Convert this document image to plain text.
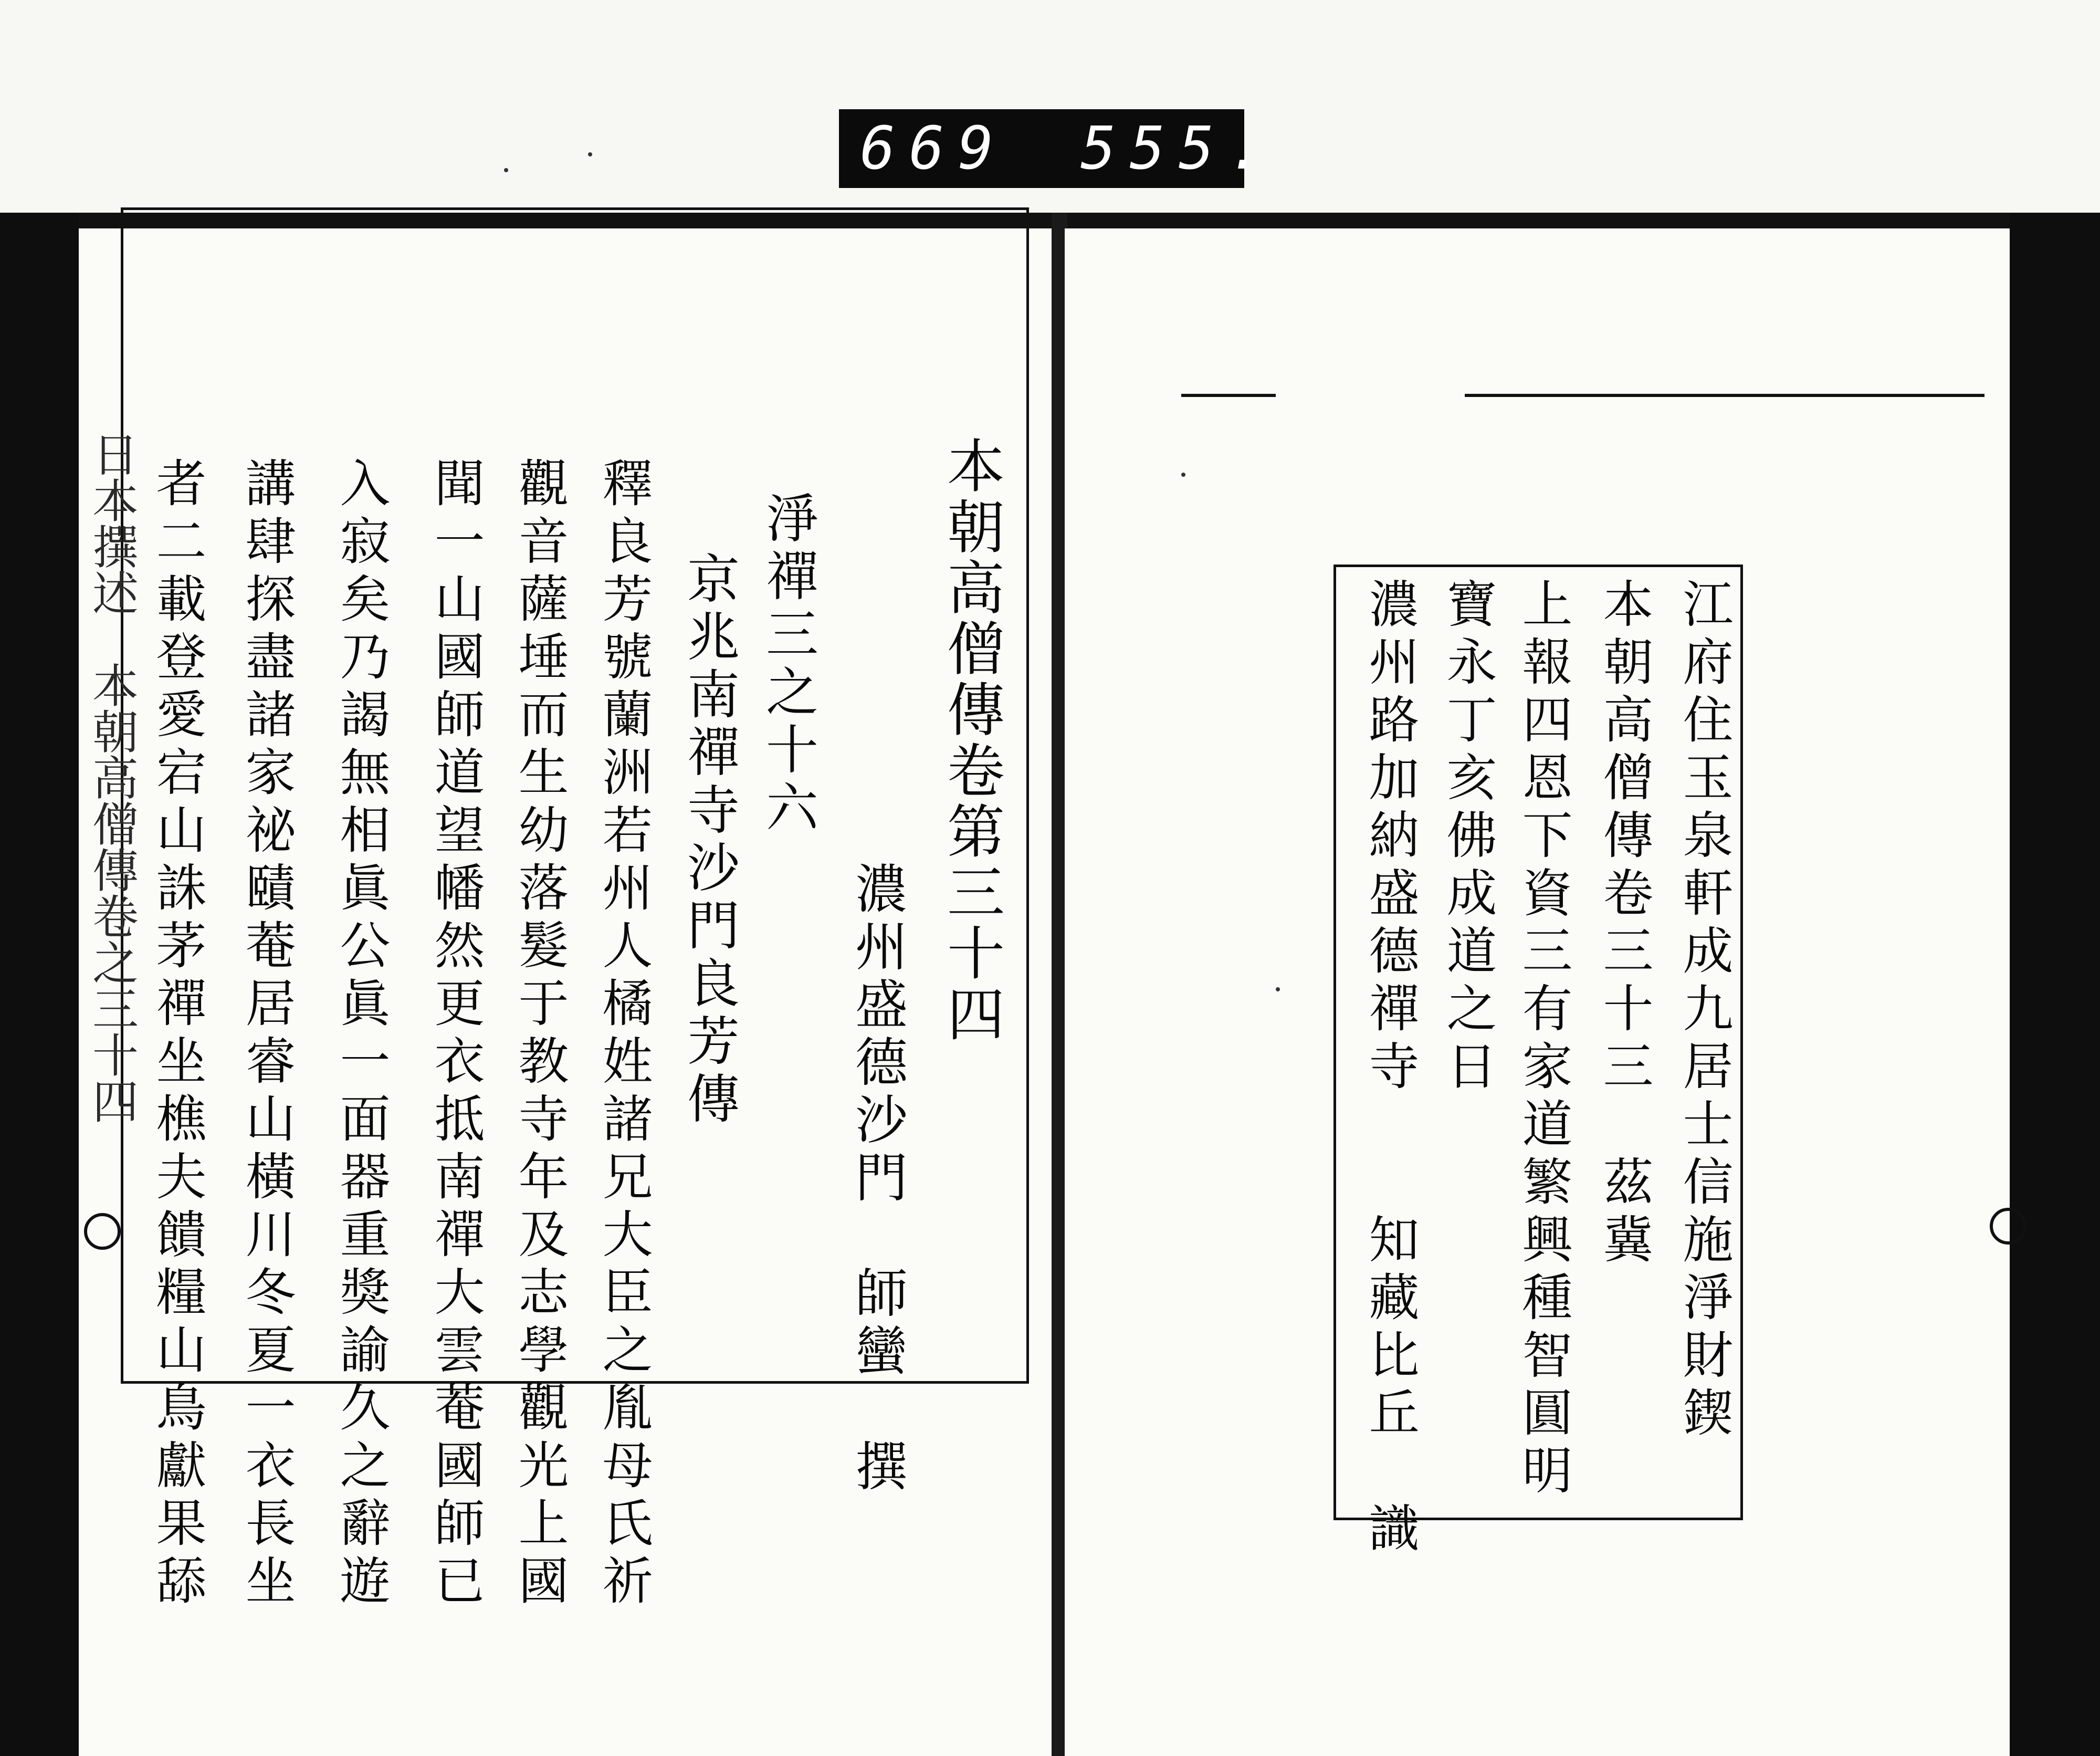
669 555.
本朝高僧傳卷第三十四
濃州盛德沙門　師蠻　撰
淨禪三之十六
京兆南禪寺沙門良芳傳
釋良芳號蘭洲若州人橘姓諸兄大臣之胤母氏祈
觀音薩埵而生幼落髮于教寺年及志學觀光上國
聞一山國師道望幡然更衣抵南禪大雲菴國師已
入寂矣乃謁無相眞公眞一面器重獎諭久之辭遊
講肆探盡諸家祕賾菴居睿山橫川冬夏一衣長坐
者二載登愛宕山誅茅禪坐樵夫饋糧山鳥獻果舔
日本撰述　本朝高僧傳卷之三十四	江府住玉泉軒成九居士信施淨財鍥
本朝高僧傳卷三十三　茲冀
上報四恩下資三有家道繁興種智圓明
寶永丁亥佛成道之日
濃州路加納盛德禪寺　　知藏比丘　識
